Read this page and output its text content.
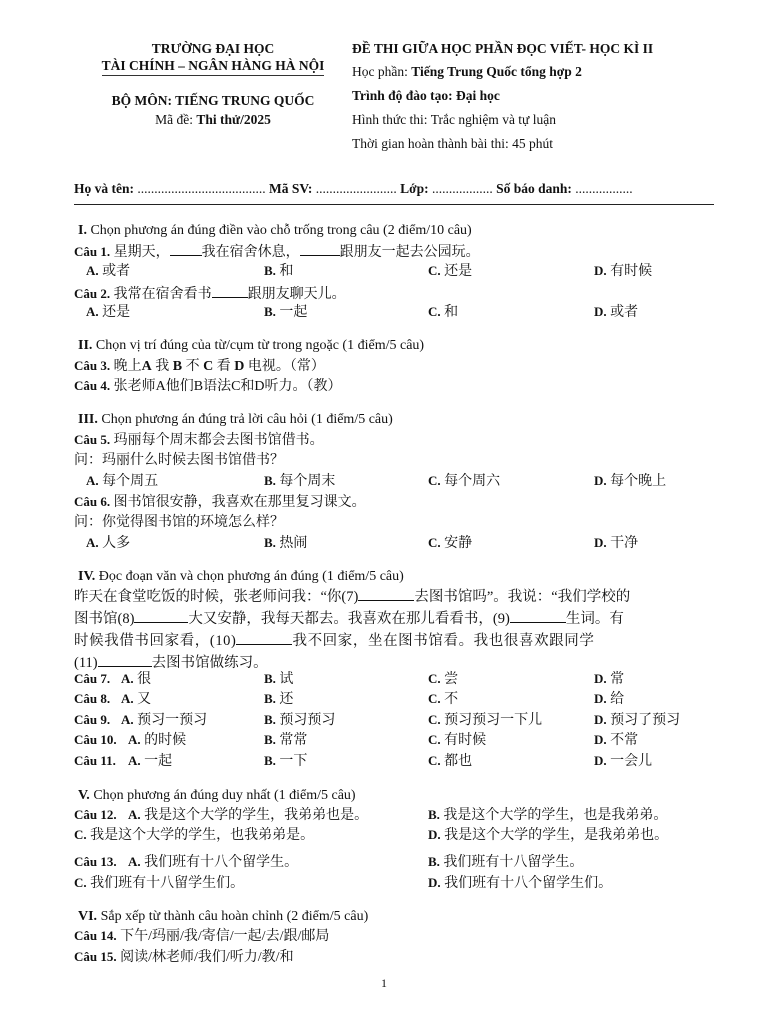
TRƯỜNG ĐẠI HỌC
TÀI CHÍNH – NGÂN HÀNG HÀ NỘI
BỘ MÔN: TIẾNG TRUNG QUỐC
Mã đề: Thi thử/2025
ĐỀ THI GIỮA HỌC PHẦN ĐỌC VIẾT- HỌC KÌ II
Học phần: Tiếng Trung Quốc tổng hợp 2
Trình độ đào tạo: Đại học
Hình thức thi: Trắc nghiệm và tự luận
Thời gian hoàn thành bài thi: 45 phút
Họ và tên: ...................................... Mã SV: ........................ Lớp: .................. Số báo danh: .................
I. Chọn phương án đúng điền vào chỗ trống trong câu (2 điểm/10 câu)
Câu 1. 星期天， 我在宿舍休息，	跟朋友一起去公园玩。
A. 或者	B. 和	C. 还是	D. 有时候
Câu 2. 我常在宿舍看书	跟朋友聊天儿。
A. 还是	B. 一起	C. 和	D. 或者
II. Chọn vị trí đúng của từ/cụm từ trong ngoặc (1 điểm/5 câu)
Câu 3. 晚上A 我 B 不 C 看 D 电视。（常）
Câu 4. 张老师A他们B语法C和D听力。（教）
III. Chọn phương án đúng trả lời câu hỏi (1 điểm/5 câu)
Câu 5. 玛丽每个周末都会去图书馆借书。
问：玛丽什么时候去图书馆借书？
A. 每个周五	B. 每个周末	C. 每个周六	D. 每个晚上
Câu 6. 图书馆很安静，我喜欢在那里复习课文。
问：你觉得图书馆的环境怎么样？
A. 人多	B. 热闹	C. 安静	D. 干净
IV. Đọc đoạn văn và chọn phương án đúng (1 điểm/5 câu)
昨天在食堂吃饭的时候，张老师问我：“你(7)	去图书馆吗”。我说：“我们学校的
图书馆(8)	大又安静，我每天都去。我喜欢在那儿看看书，(9)	生词。有
时候我借书回家看，(10)	我不回家，坐在图书馆看。我也很喜欢跟同学
(11)	去图书馆做练习。
Câu 7. A. 很	B. 试	C. 尝	D. 常
Câu 8. A. 又	B. 还	C. 不	D. 给
Câu 9. A. 预习一预习	B. 预习预习	C. 预习预习一下儿	D. 预习了预习
Câu 10. A. 的时候	B. 常常	C. 有时候	D. 不常
Câu 11. A. 一起	B. 一下	C. 都也	D. 一会儿
V. Chọn phương án đúng duy nhất (1 điểm/5 câu)
Câu 12. A. 我是这个大学的学生，我弟弟也是。	B. 我是这个大学的学生，也是我弟弟。
C. 我是这个大学的学生，也我弟弟是。	D. 我是这个大学的学生，是我弟弟也。
Câu 13. A. 我们班有十八个留学生。	B. 我们班有十八留学生。
C. 我们班有十八留学生们。	D. 我们班有十八个留学生们。
VI. Sắp xếp từ thành câu hoàn chỉnh (2 điểm/5 câu)
Câu 14. 下午/玛丽/我/寄信/一起/去/跟/邮局
Câu 15. 阅读/林老师/我们/听力/教/和
1
